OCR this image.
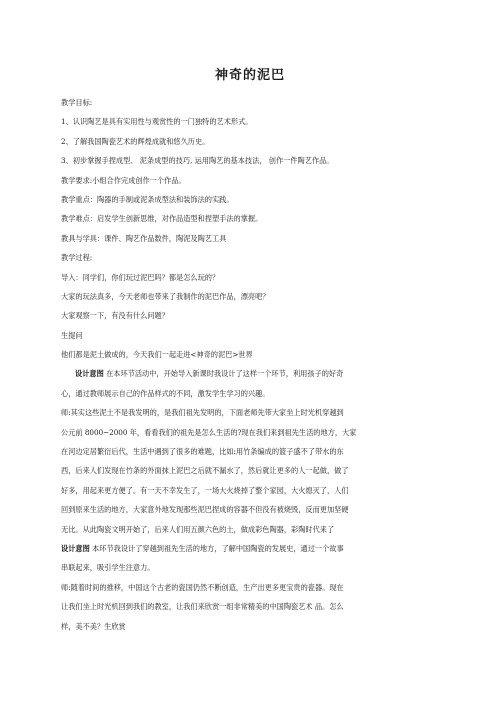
神奇的泥巴
教学目标:
1、认识陶艺是具有实用性与观赏性的一门独特的艺术形式。
2、了解我国陶瓷艺术的辉煌成就和悠久历史。
3、初步掌握手捏成型、 泥条成型的技巧, 运用陶艺的基本技法， 创作一件陶艺作品。
教学要求:小组合作完成创作一个作品。
教学重点：陶器的手制或泥条成型法和装饰法的实践。
教学难点：启发学生创新思维，对作品造型和捏塑手法的掌握。
教具与学具：课件、陶艺作品数件，陶泥及陶艺工具
教学过程:
导入：同学们，你们玩过泥巴吗？都是怎么玩的？
大家的玩法真多，今天老师也带来了我制作的泥巴作品，漂亮吧？
大家观察一下，有没有什么问题？
生提问
他们都是泥土做成的，今天我们一起走进<神奇的泥巴>世界
设计意图 在本环节活动中，开始导入新课时我设计了这样一个环节，利用孩子的好奇
心，通过教师展示自己的作品样式的不同，激发学生学习的兴趣。
师:其实这些泥土不是我发明的，是我们祖先发明的，下面老师先带大家坐上时光机穿越到
公元前 8000~2000 年，看看我们的祖先是怎么生活的?现在我们来到祖先生活的地方，大家
在河边定居繁衍后代，生活中遇到了很多的难题，比如:用竹条编成的篮子盛不了带水的东
西，后来人们发现在竹条的外面抹上泥巴之后就不漏水了，然后就让更多的人一起做，做了
好多，用起来更方便了。有一天不幸发生了，一场大火烧掉了整个家园，大火熄灭了，人们
回到原来生活的地方，大家意外地发现那些泥巴捏成的容器不但没有被烧毁，反而更加坚硬
无比。从此陶瓷文明开始了，后来人们用五颜六色的土，做成彩色陶器，彩陶时代来了
设计意图 本环节我设计了穿越到祖先生活的地方，了解中国陶瓷的发展史，通过一个故事
串联起来，吸引学生注意力。
师:随着时间的推移，中国这个古老的瓷国仍然不断创造，生产出更多更宝贵的瓷器。现在
让我们坐上时光机回到我们的教室，让我们来欣赏一组非常精美的中国陶瓷艺术 品。怎么
样，美不美？生欣赏
